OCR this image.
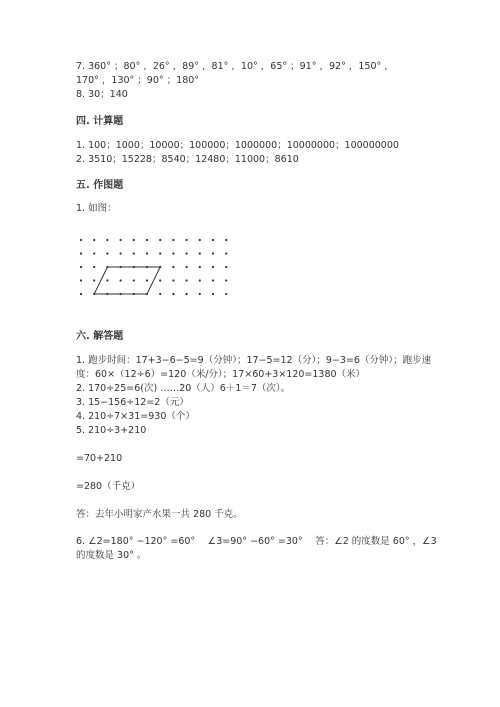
7. 360° ；80° ，26° ，89° ，81° ，10° ，65° ；91° ，92° ，150° ，
170° ，130° ；90° ；180°
8. 30；140
四. 计算题
1. 100；1000；10000；100000；1000000；10000000；100000000
2. 3510；15228；8540；12480；11000；8610
五. 作图题
1. 如图：
六. 解答题
1. 跑步时间：17+3−6−5=9（分钟）；17−5=12（分）；9−3=6（分钟）；跑步速
度：60×（12÷6）=120（米/分）；17×60+3×120=1380（米）
2. 170÷25=6(次) ……20（人）6＋1＝7（次）。
3. 15−156÷12=2（元）
4. 210÷7×31=930（个）
5. 210÷3+210
=70+210
=280（千克）
答：去年小明家产水果一共 280 千克。
6. ∠2=180° −120° =60° 　∠3=90° −60° =30° 　答：∠2 的度数是 60° ，∠3
的度数是 30° 。
